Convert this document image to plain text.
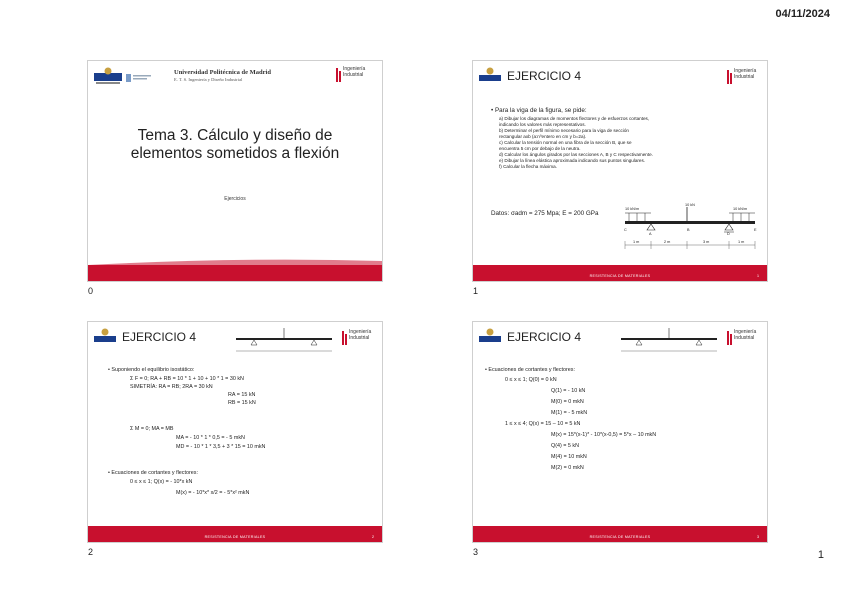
04/11/2024
Universidad Politécnica de Madrid
E. T. S. Ingeniería y Diseño Industrial
Ingeniería
Industrial
Tema 3. Cálculo y diseño de elementos sometidos a flexión
Ejercicios
0
EJERCICIO 4	Ingeniería
Industrial
• Para la viga de la figura, se pide:
a) Dibujar los diagramas de momentos flectores y de esfuerzos cortantes,
indicando los valores más representativos.
b) Determinar el perfil mínimo necesario para la viga de sección
rectangular axb (a:nºentero en cm y b=2a).
c) Calcular la tensión normal en una fibra de la sección B, que se
encuentra 5 cm por debajo de la neutra.
d) Calcular los ángulos girados por las secciones A, B y C respectivamente.
e) Dibujar la línea elástica aproximada indicando sus puntos singulares.
f) Calcular la flecha máxima.
Datos: σadm = 275 Mpa; E = 200 GPa
10 kN/m
10 kN
10 kN/m
C
A
B
D
E
1 m	2 m	3 m	1 m
RESISTENCIA DE MATERIALES	1
1
EJERCICIO 4	Ingeniería
Industrial
• Suponiendo el equilibrio isostático:
Σ F = 0; RA + RB = 10 * 1 + 10 + 10 * 1 = 30 kN
SIMETRÍA: RA = RB; 2RA = 30 kN
RA = 15 kN
RB = 15 kN
Σ M = 0; MA = MB
MA = - 10 * 1 * 0,5 = - 5 mkN
MD = - 10 * 1 * 3,5 + 3 * 15 = 10 mkN
• Ecuaciones de cortantes y flectores:
0 ≤ x ≤ 1; Q(x) = - 10*x kN
M(x) = - 10*x* x/2 = - 5*x² mkN
RESISTENCIA DE MATERIALES	2
2
EJERCICIO 4	Ingeniería
Industrial
• Ecuaciones de cortantes y flectores:
0 ≤ x ≤ 1; Q(0) = 0 kN
Q(1) = - 10 kN
M(0) = 0 mkN
M(1) = - 5 mkN
1 ≤ x ≤ 4; Q(x) = 15 – 10 = 5 kN
M(x) = 15*(x-1)* - 10*(x-0,5) = 5*x – 10 mkN
Q(4) = 5 kN
M(4) = 10 mkN
M(2) = 0 mkN
RESISTENCIA DE MATERIALES	3
3	1
